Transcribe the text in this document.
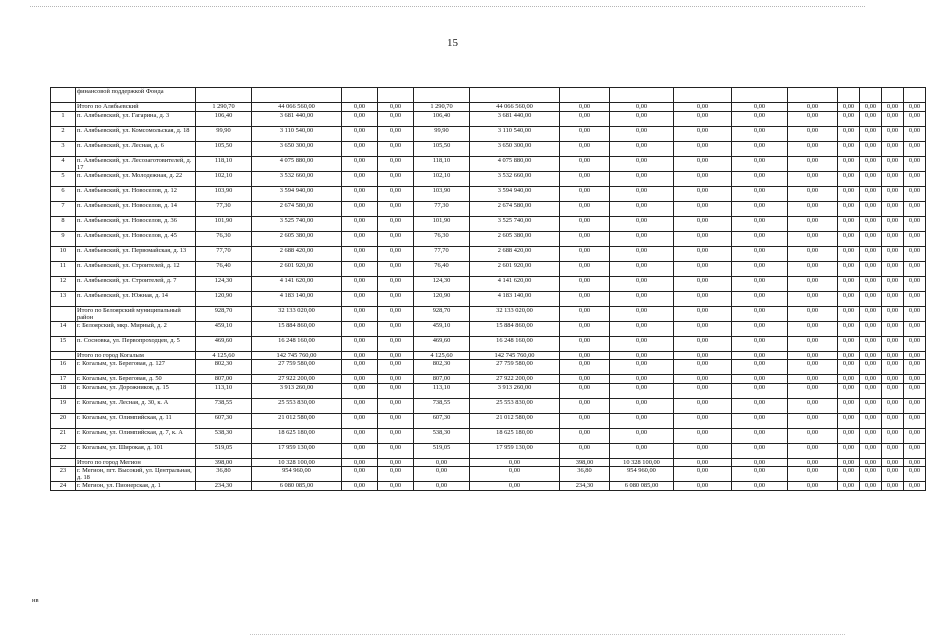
15
	финансовой поддержкой Фонда															
	Итого по Алябьевский	1 290,70	44 066 560,00	0,00	0,00	1 290,70	44 066 560,00	0,00	0,00	0,00	0,00	0,00	0,00	0,00	0,00	0,00
1	п. Алябьевский, ул. Гагарина, д. 3	106,40	3 681 440,00	0,00	0,00	106,40	3 681 440,00	0,00	0,00	0,00	0,00	0,00	0,00	0,00	0,00	0,00
2	п. Алябьевский, ул. Комсомольская, д. 18	99,90	3 110 540,00	0,00	0,00	99,90	3 110 540,00	0,00	0,00	0,00	0,00	0,00	0,00	0,00	0,00	0,00
3	п. Алябьевский, ул. Лесная, д. 6	105,50	3 650 300,00	0,00	0,00	105,50	3 650 300,00	0,00	0,00	0,00	0,00	0,00	0,00	0,00	0,00	0,00
4	п. Алябьевский, ул. Лесозаготовителей, д. 17	118,10	4 075 880,00	0,00	0,00	118,10	4 075 880,00	0,00	0,00	0,00	0,00	0,00	0,00	0,00	0,00	0,00
5	п. Алябьевский, ул. Молодежная, д. 22	102,10	3 532 660,00	0,00	0,00	102,10	3 532 660,00	0,00	0,00	0,00	0,00	0,00	0,00	0,00	0,00	0,00
6	п. Алябьевский, ул. Новоселов, д. 12	103,90	3 594 940,00	0,00	0,00	103,90	3 594 940,00	0,00	0,00	0,00	0,00	0,00	0,00	0,00	0,00	0,00
7	п. Алябьевский, ул. Новоселов, д. 14	77,30	2 674 580,00	0,00	0,00	77,30	2 674 580,00	0,00	0,00	0,00	0,00	0,00	0,00	0,00	0,00	0,00
8	п. Алябьевский, ул. Новоселов, д. 36	101,90	3 525 740,00	0,00	0,00	101,90	3 525 740,00	0,00	0,00	0,00	0,00	0,00	0,00	0,00	0,00	0,00
9	п. Алябьевский, ул. Новоселов, д. 45	76,30	2 605 380,00	0,00	0,00	76,30	2 605 380,00	0,00	0,00	0,00	0,00	0,00	0,00	0,00	0,00	0,00
10	п. Алябьевский, ул. Первомайская, д. 13	77,70	2 688 420,00	0,00	0,00	77,70	2 688 420,00	0,00	0,00	0,00	0,00	0,00	0,00	0,00	0,00	0,00
11	п. Алябьевский, ул. Строителей, д. 12	76,40	2 601 920,00	0,00	0,00	76,40	2 601 920,00	0,00	0,00	0,00	0,00	0,00	0,00	0,00	0,00	0,00
12	п. Алябьевский, ул. Строителей, д. 7	124,30	4 141 620,00	0,00	0,00	124,30	4 141 620,00	0,00	0,00	0,00	0,00	0,00	0,00	0,00	0,00	0,00
13	п. Алябьевский, ул. Южная, д. 14	120,90	4 183 140,00	0,00	0,00	120,90	4 183 140,00	0,00	0,00	0,00	0,00	0,00	0,00	0,00	0,00	0,00
	Итого по Белоярский муниципальный район	928,70	32 133 020,00	0,00	0,00	928,70	32 133 020,00	0,00	0,00	0,00	0,00	0,00	0,00	0,00	0,00	0,00
14	г. Белоярский, мкр. Мирный, д. 2	459,10	15 884 860,00	0,00	0,00	459,10	15 884 860,00	0,00	0,00	0,00	0,00	0,00	0,00	0,00	0,00	0,00
15	п. Сосновка, ул. Первопроходцев, д. 5	469,60	16 248 160,00	0,00	0,00	469,60	16 248 160,00	0,00	0,00	0,00	0,00	0,00	0,00	0,00	0,00	0,00
	Итого по город Когалым	4 125,60	142 745 760,00	0,00	0,00	4 125,60	142 745 760,00	0,00	0,00	0,00	0,00	0,00	0,00	0,00	0,00	0,00
16	г. Когалым, ул. Береговая, д. 127	802,30	27 759 580,00	0,00	0,00	802,30	27 759 580,00	0,00	0,00	0,00	0,00	0,00	0,00	0,00	0,00	0,00
17	г. Когалым, ул. Береговая, д. 50	807,00	27 922 200,00	0,00	0,00	807,00	27 922 200,00	0,00	0,00	0,00	0,00	0,00	0,00	0,00	0,00	0,00
18	г. Когалым, ул. Дорожников, д. 15	113,10	3 913 260,00	0,00	0,00	113,10	3 913 260,00	0,00	0,00	0,00	0,00	0,00	0,00	0,00	0,00	0,00
19	г. Когалым, ул. Лесная, д. 30, к. А	738,55	25 553 830,00	0,00	0,00	738,55	25 553 830,00	0,00	0,00	0,00	0,00	0,00	0,00	0,00	0,00	0,00
20	г. Когалым, ул. Олимпийская, д. 11	607,30	21 012 580,00	0,00	0,00	607,30	21 012 580,00	0,00	0,00	0,00	0,00	0,00	0,00	0,00	0,00	0,00
21	г. Когалым, ул. Олимпийская, д. 7, к. А	538,30	18 625 180,00	0,00	0,00	538,30	18 625 180,00	0,00	0,00	0,00	0,00	0,00	0,00	0,00	0,00	0,00
22	г. Когалым, ул. Широкая, д. 101	519,05	17 959 130,00	0,00	0,00	519,05	17 959 130,00	0,00	0,00	0,00	0,00	0,00	0,00	0,00	0,00	0,00
	Итого по город Мегион	398,00	10 328 100,00	0,00	0,00	0,00	0,00	398,00	10 328 100,00	0,00	0,00	0,00	0,00	0,00	0,00	0,00
23	г. Мегион, пгт. Высокий, ул. Центральная, д. 18	36,80	954 960,00	0,00	0,00	0,00	0,00	36,80	954 960,00	0,00	0,00	0,00	0,00	0,00	0,00	0,00
24	г. Мегион, ул. Пионерская, д. 1	234,30	6 080 085,00	0,00	0,00	0,00	0,00	234,30	6 080 085,00	0,00	0,00	0,00	0,00	0,00	0,00	0,00
нв
